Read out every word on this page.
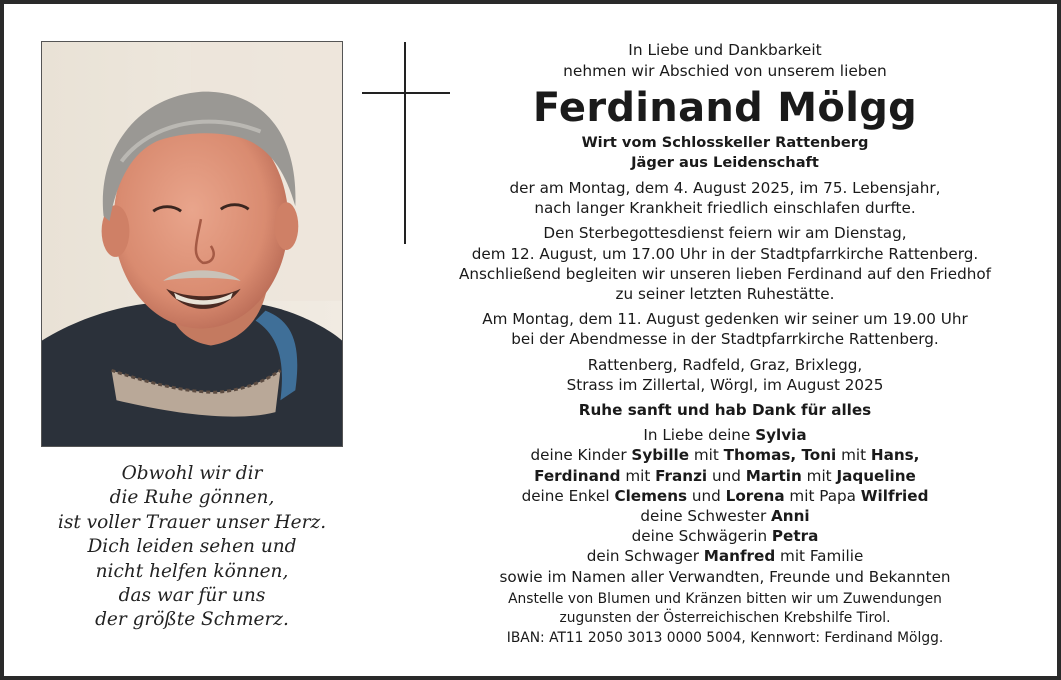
Obwohl wir dir
die Ruhe gönnen,
ist voller Trauer unser Herz.
Dich leiden sehen und
nicht helfen können,
das war für uns
der größte Schmerz.
In Liebe und Dankbarkeit
nehmen wir Abschied von unserem lieben
Ferdinand Mölgg
Wirt vom Schlosskeller Rattenberg
Jäger aus Leidenschaft
der am Montag, dem 4. August 2025, im 75. Lebensjahr,
nach langer Krankheit friedlich einschlafen durfte.
Den Sterbegottesdienst feiern wir am Dienstag,
dem 12. August, um 17.00 Uhr in der Stadtpfarrkirche Rattenberg.
Anschließend begleiten wir unseren lieben Ferdinand auf den Friedhof
zu seiner letzten Ruhestätte.
Am Montag, dem 11. August gedenken wir seiner um 19.00 Uhr
bei der Abendmesse in der Stadtpfarrkirche Rattenberg.
Rattenberg, Radfeld, Graz, Brixlegg,
Strass im Zillertal, Wörgl, im August 2025
Ruhe sanft und hab Dank für alles
In Liebe deine Sylvia
deine Kinder Sybille mit Thomas, Toni mit Hans,
Ferdinand mit Franzi und Martin mit Jaqueline
deine Enkel Clemens und Lorena mit Papa Wilfried
deine Schwester Anni
deine Schwägerin Petra
dein Schwager Manfred mit Familie
sowie im Namen aller Verwandten, Freunde und Bekannten
Anstelle von Blumen und Kränzen bitten wir um Zuwendungen
zugunsten der Österreichischen Krebshilfe Tirol.
IBAN: AT11 2050 3013 0000 5004, Kennwort: Ferdinand Mölgg.
